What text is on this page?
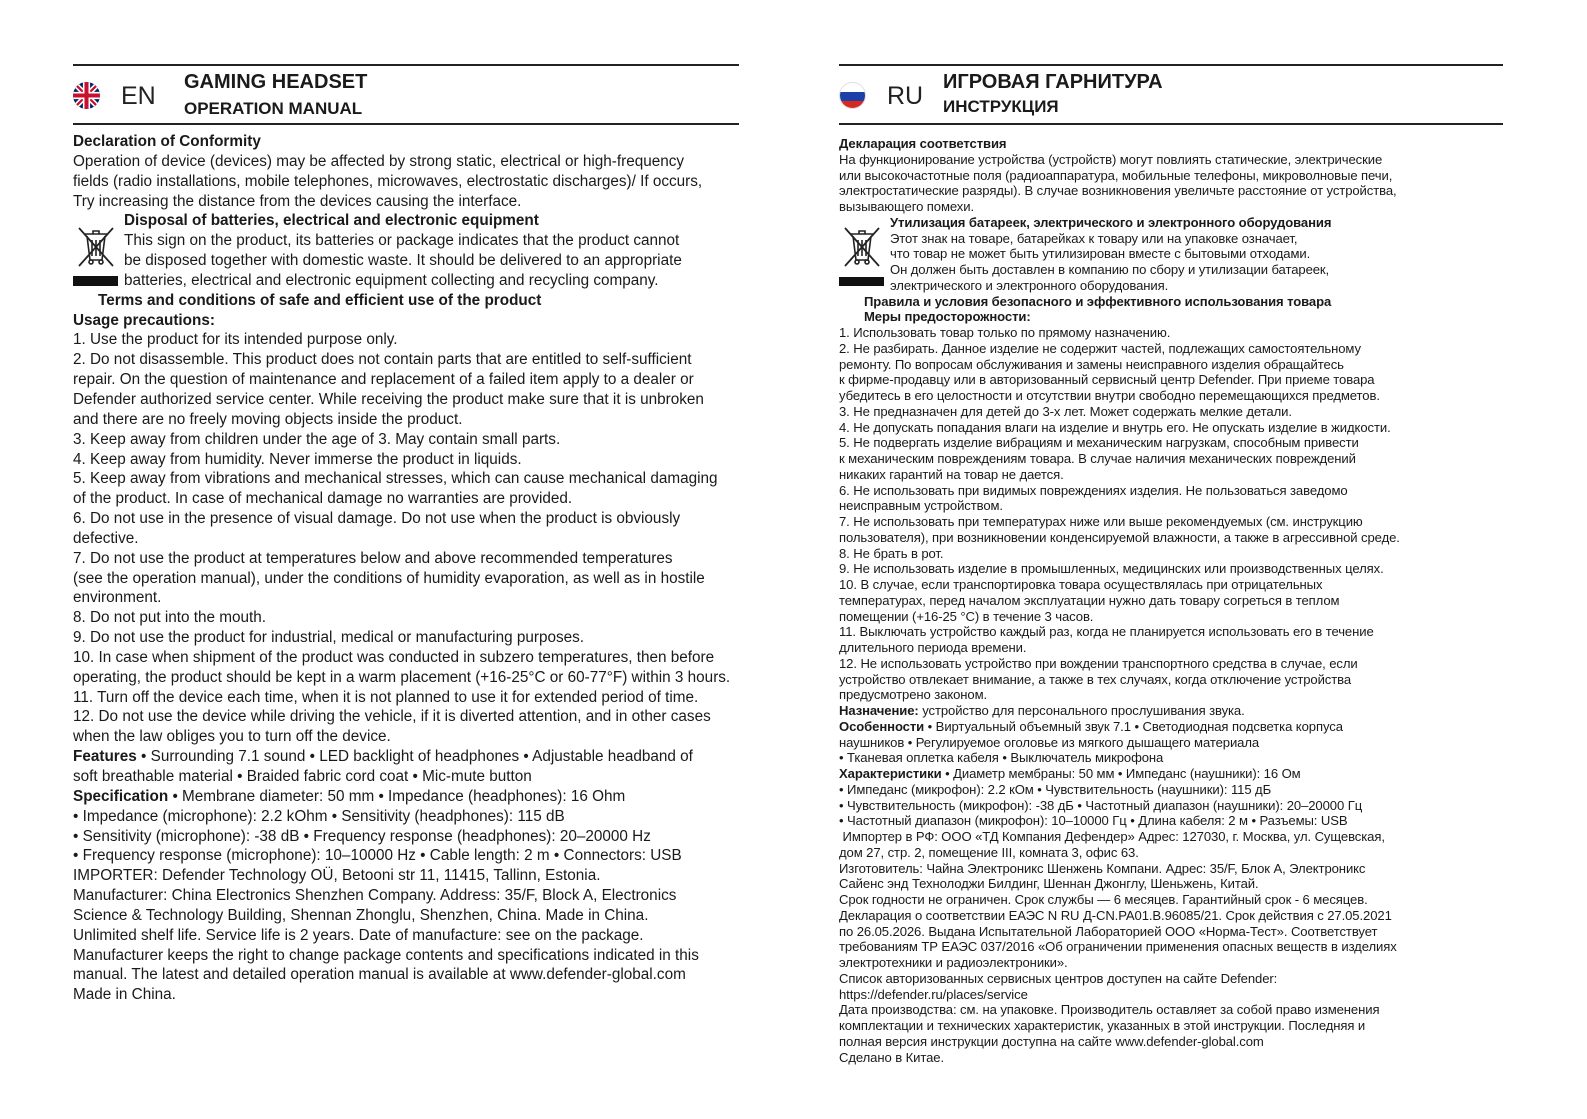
EN GAMING HEADSET
OPERATION MANUAL
Declaration of Conformity
Operation of device (devices) may be affected by strong static, electrical or high-frequency
fields (radio installations, mobile telephones, microwaves, electrostatic discharges)/ If occurs,
Try increasing the distance from the devices causing the interface.
Disposal of batteries, electrical and electronic equipment
This sign on the product, its batteries or package indicates that the product cannot
be disposed together with domestic waste. It should be delivered to an appropriate
batteries, electrical and electronic equipment collecting and recycling company.
Terms and conditions of safe and efficient use of the product
Usage precautions:
1. Use the product for its intended purpose only.
2. Do not disassemble. This product does not contain parts that are entitled to self-sufficient
repair. On the question of maintenance and replacement of a failed item apply to a dealer or
Defender authorized service center. While receiving the product make sure that it is unbroken
and there are no freely moving objects inside the product.
3. Keep away from children under the age of 3. May contain small parts.
4. Keep away from humidity. Never immerse the product in liquids.
5. Keep away from vibrations and mechanical stresses, which can cause mechanical damaging
of the product. In case of mechanical damage no warranties are provided.
6. Do not use in the presence of visual damage. Do not use when the product is obviously
defective.
7. Do not use the product at temperatures below and above recommended temperatures
(see the operation manual), under the conditions of humidity evaporation, as well as in hostile
environment.
8. Do not put into the mouth.
9. Do not use the product for industrial, medical or manufacturing purposes.
10. In case when shipment of the product was conducted in subzero temperatures, then before
operating, the product should be kept in a warm placement (+16-25°C or 60-77°F) within 3 hours.
11. Turn off the device each time, when it is not planned to use it for extended period of time.
12. Do not use the device while driving the vehicle, if it is diverted attention, and in other cases
when the law obliges you to turn off the device.
Features • Surrounding 7.1 sound • LED backlight of headphones • Adjustable headband of
soft breathable material • Braided fabric cord coat • Mic-mute button
Specification • Membrane diameter: 50 mm • Impedance (headphones): 16 Ohm
• Impedance (microphone): 2.2 kOhm • Sensitivity (headphones): 115 dB
• Sensitivity (microphone): -38 dB • Frequency response (headphones): 20–20000 Hz
• Frequency response (microphone): 10–10000 Hz • Cable length: 2 m • Connectors: USB
IMPORTER: Defender Technology OÜ, Betooni str 11, 11415, Tallinn, Estonia.
Manufacturer: China Electronics Shenzhen Company. Address: 35/F, Block A, Electronics
Science & Technology Building, Shennan Zhonglu, Shenzhen, China. Made in China.
Unlimited shelf life. Service life is 2 years. Date of manufacture: see on the package.
Manufacturer keeps the right to change package contents and specifications indicated in this
manual. The latest and detailed operation manual is available at www.defender-global.com
Made in China.
RU ИГРОВАЯ ГАРНИТУРА
ИНСТРУКЦИЯ
Декларация соответствия
На функционирование устройства (устройств) могут повлиять статические, электрические
или высокочастотные поля (радиоаппаратура, мобильные телефоны, микроволновые печи,
электростатические разряды). В случае возникновения увеличьте расстояние от устройства,
вызывающего помехи.
Утилизация батареек, электрического и электронного оборудования
Этот знак на товаре, батарейках к товару или на упаковке означает,
что товар не может быть утилизирован вместе с бытовыми отходами.
Он должен быть доставлен в компанию по сбору и утилизации батареек,
электрического и электронного оборудования.
Правила и условия безопасного и эффективного использования товара
Меры предосторожности:
1. Использовать товар только по прямому назначению.
2. Не разбирать. Данное изделие не содержит частей, подлежащих самостоятельному
ремонту. По вопросам обслуживания и замены неисправного изделия обращайтесь
к фирме-продавцу или в авторизованный сервисный центр Defender. При приеме товара
убедитесь в его целостности и отсутствии внутри свободно перемещающихся предметов.
3. Не предназначен для детей до 3-х лет. Может содержать мелкие детали.
4. Не допускать попадания влаги на изделие и внутрь его. Не опускать изделие в жидкости.
5. Не подвергать изделие вибрациям и механическим нагрузкам, способным привести
к механическим повреждениям товара. В случае наличия механических повреждений
никаких гарантий на товар не дается.
6. Не использовать при видимых повреждениях изделия. Не пользоваться заведомо
неисправным устройством.
7. Не использовать при температурах ниже или выше рекомендуемых (см. инструкцию
пользователя), при возникновении конденсируемой влажности, а также в агрессивной среде.
8. Не брать в рот.
9. Не использовать изделие в промышленных, медицинских или производственных целях.
10. В случае, если транспортировка товара осуществлялась при отрицательных
температурах, перед началом эксплуатации нужно дать товару согреться в теплом
помещении (+16-25 °С) в течение 3 часов.
11. Выключать устройство каждый раз, когда не планируется использовать его в течение
длительного периода времени.
12. Не использовать устройство при вождении транспортного средства в случае, если
устройство отвлекает внимание, а также в тех случаях, когда отключение устройства
предусмотрено законом.
Назначение: устройство для персонального прослушивания звука.
Особенности • Виртуальный объемный звук 7.1 • Светодиодная подсветка корпуса
наушников • Регулируемое оголовье из мягкого дышащего материала
• Тканевая оплетка кабеля • Выключатель микрофона
Характеристики • Диаметр мембраны: 50 мм • Импеданс (наушники): 16 Ом
• Импеданс (микрофон): 2.2 кОм • Чувствительность (наушники): 115 дБ
• Чувствительность (микрофон): -38 дБ • Частотный диапазон (наушники): 20–20000 Гц
• Частотный диапазон (микрофон): 10–10000 Гц • Длина кабеля: 2 м • Разъемы: USB
Импортер в РФ: ООО «ТД Компания Дефендер» Адрес: 127030, г. Москва, ул. Сущевская,
дом 27, стр. 2, помещение III, комната 3, офис 63.
Изготовитель: Чайна Электроникс Шенжень Компани. Адрес: 35/F, Блок А, Электроникс
Сайенс энд Технолоджи Билдинг, Шеннан Джонглу, Шеньжень, Китай.
Срок годности не ограничен. Срок службы — 6 месяцев. Гарантийный срок - 6 месяцев.
Декларация о соответствии ЕАЭС N RU Д-CN.PA01.B.96085/21. Срок действия с 27.05.2021
по 26.05.2026. Выдана Испытательной Лабораторией ООО «Норма-Тест». Соответствует
требованиям ТР ЕАЭС 037/2016 «Об ограничении применения опасных веществ в изделиях
электротехники и радиоэлектроники».
Список авторизованных сервисных центров доступен на сайте Defender:
https://defender.ru/places/service
Дата производства: см. на упаковке. Производитель оставляет за собой право изменения
комплектации и технических характеристик, указанных в этой инструкции. Последняя и
полная версия инструкции доступна на сайте www.defender-global.com
Сделано в Китае.
